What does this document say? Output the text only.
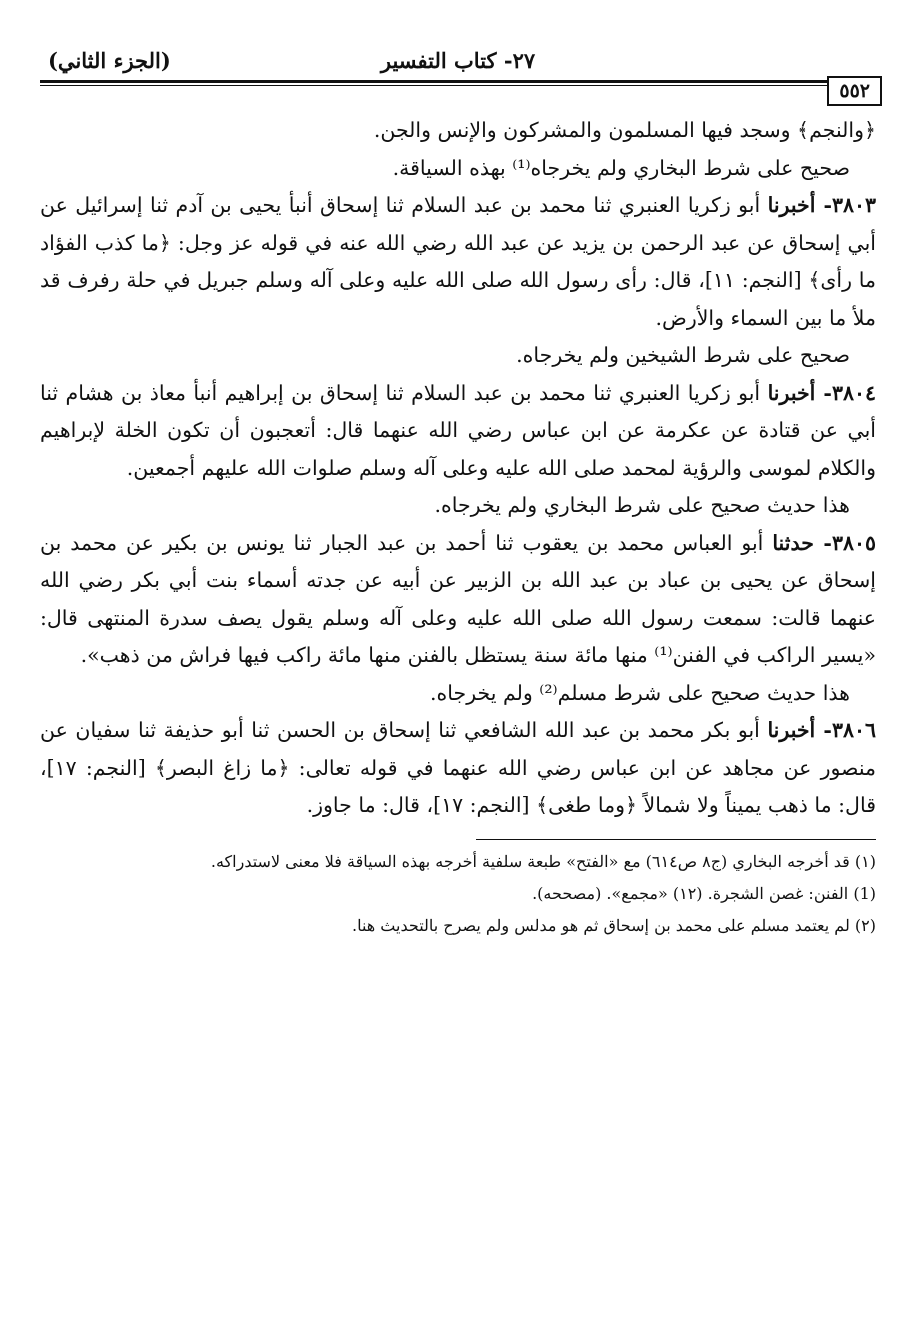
٢٧- كتاب التفسير
(الجزء الثاني)
٥٥٢

﴿والنجم﴾ وسجد فيها المسلمون والمشركون والإنس والجن.

صحيح على شرط البخاري ولم يخرجاه⁽¹⁾ بهذه السياقة.

٣٨٠٣- أخبرنا أبو زكريا العنبري ثنا محمد بن عبد السلام ثنا إسحاق أنبأ يحيى بن آدم ثنا إسرائيل عن أبي إسحاق عن عبد الرحمن بن يزيد عن عبد الله رضي الله عنه في قوله عز وجل: ﴿ما كذب الفؤاد ما رأى﴾ [النجم: ١١]، قال: رأى رسول الله صلى الله عليه وعلى آله وسلم جبريل في حلة رفرف قد ملأ ما بين السماء والأرض.

صحيح على شرط الشيخين ولم يخرجاه.

٣٨٠٤- أخبرنا أبو زكريا العنبري ثنا محمد بن عبد السلام ثنا إسحاق بن إبراهيم أنبأ معاذ بن هشام ثنا أبي عن قتادة عن عكرمة عن ابن عباس رضي الله عنهما قال: أتعجبون أن تكون الخلة لإبراهيم والكلام لموسى والرؤية لمحمد صلى الله عليه وعلى آله وسلم صلوات الله عليهم أجمعين.

هذا حديث صحيح على شرط البخاري ولم يخرجاه.

٣٨٠٥- حدثنا أبو العباس محمد بن يعقوب ثنا أحمد بن عبد الجبار ثنا يونس بن بكير عن محمد بن إسحاق عن يحيى بن عباد بن عبد الله بن الزبير عن أبيه عن جدته أسماء بنت أبي بكر رضي الله عنهما قالت: سمعت رسول الله صلى الله عليه وعلى آله وسلم يقول يصف سدرة المنتهى قال: «يسير الراكب في الفنن⁽¹⁾ منها مائة سنة يستظل بالفنن منها مائة راكب فيها فراش من ذهب».

هذا حديث صحيح على شرط مسلم⁽²⁾ ولم يخرجاه.

٣٨٠٦- أخبرنا أبو بكر محمد بن عبد الله الشافعي ثنا إسحاق بن الحسن ثنا أبو حذيفة ثنا سفيان عن منصور عن مجاهد عن ابن عباس رضي الله عنهما في قوله تعالى: ﴿ما زاغ البصر﴾ [النجم: ١٧]، قال: ما ذهب يميناً ولا شمالاً ﴿وما طغى﴾ [النجم: ١٧]، قال: ما جاوز.

(١) قد أخرجه البخاري (ج٨ ص٦١٤) مع «الفتح» طبعة سلفية أخرجه بهذه السياقة فلا معنى لاستدراكه.

(1) الفنن: غصن الشجرة. (١٢) «مجمع». (مصححه).

(٢) لم يعتمد مسلم على محمد بن إسحاق ثم هو مدلس ولم يصرح بالتحديث هنا.
